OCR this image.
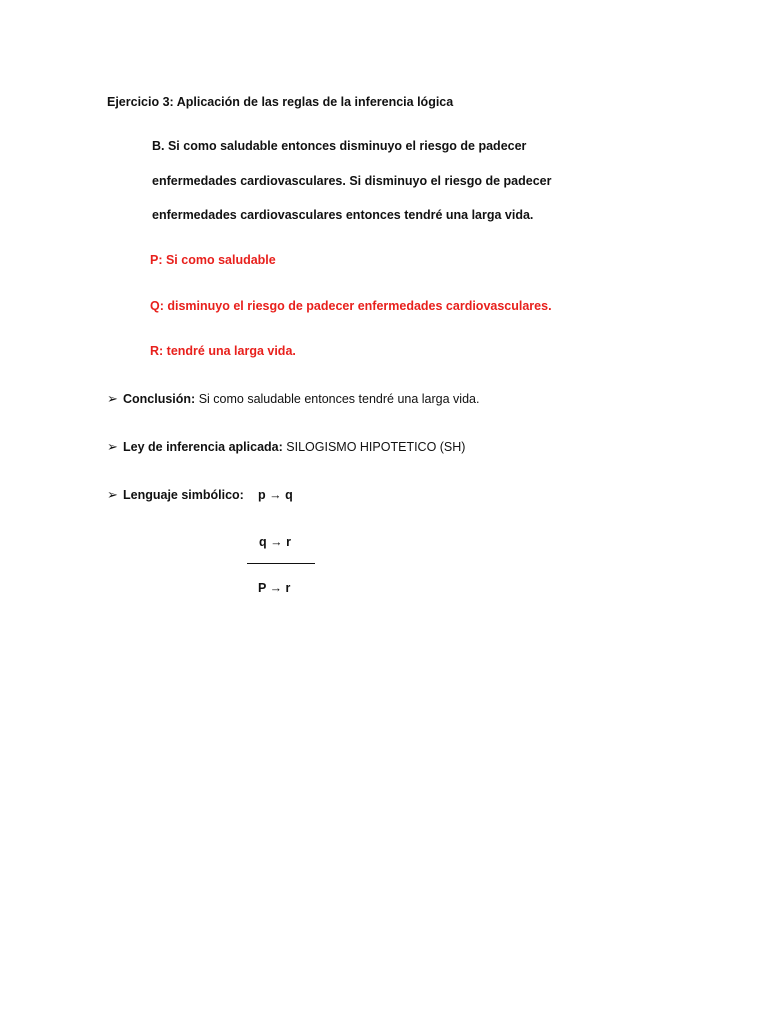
Ejercicio 3: Aplicación de las reglas de la inferencia lógica
B. Si como saludable entonces disminuyo el riesgo de padecer
enfermedades cardiovasculares. Si disminuyo el riesgo de padecer
enfermedades cardiovasculares entonces tendré una larga vida.
P: Si como saludable
Q: disminuyo el riesgo de padecer enfermedades cardiovasculares.
R: tendré una larga vida.
➢ Conclusión: Si como saludable entonces tendré una larga vida.
➢ Ley de inferencia aplicada: SILOGISMO HIPOTETICO (SH)
➢ Lenguaje simbólico: p → q
q → r
P → r
